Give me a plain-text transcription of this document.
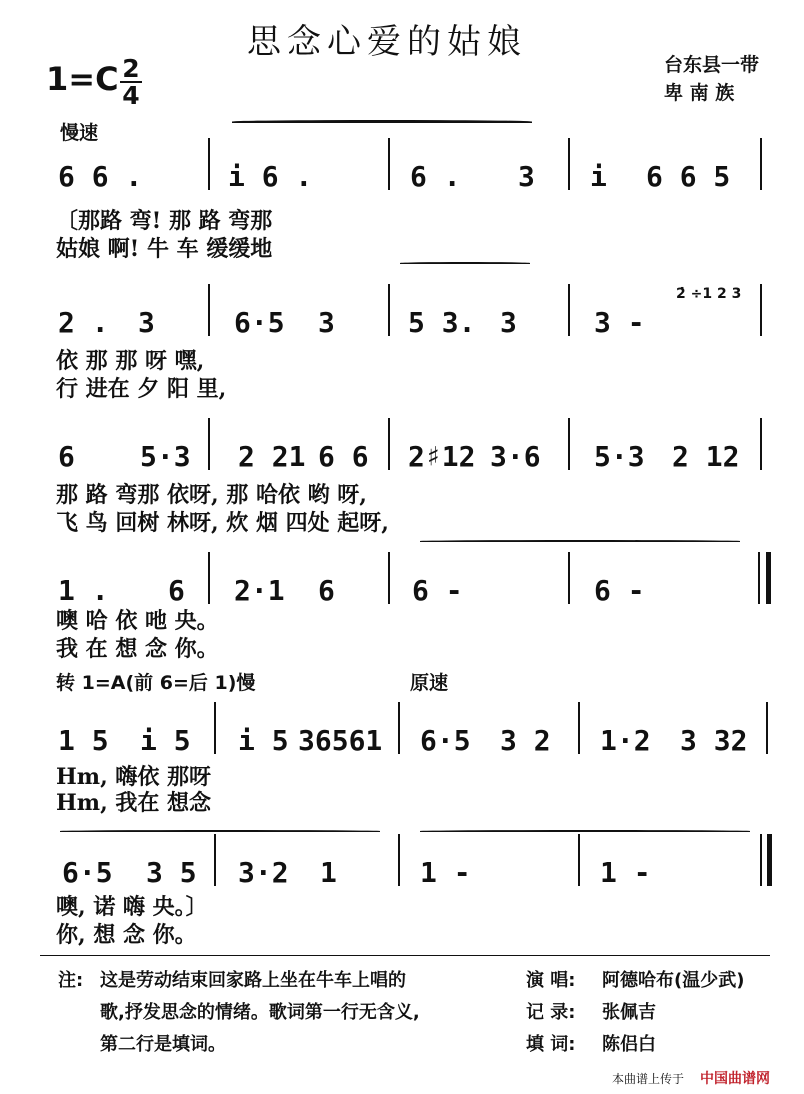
思念心爱的姑娘
1=C 2
4
台东县一带
卑 南 族
慢速
6 6 .	i 6 .	6 . 3 i 6 6 5
〔那路 弯! 那 路 弯那
姑娘 啊! 牛 车 缓缓地
2 . 3	6·5 3	5 3. 3	3 -
2̇ ÷1 2 3
依 那 那 呀 嘿,
行 进在 夕 阳 里,
6 5·3 2 21 6 6 2♯12 3·6 5·3 2 12
那 路 弯那 依呀, 那 哈依 哟 呀,
飞 鸟 回树 林呀, 炊 烟 四处 起呀,
1 . 6 2·1 6	6 -	6 -
噢 哈 依 吔 央。
我 在 想 念 你。
转 1=A(前 6=后 1)慢	原速
1 5 i 5 i 5 36561 6·5 3 2 1·2 3 32
Hm, 嗨依 那呀
Hm, 我在 想念
6·5 3 5 3·2 1	1 -	1 -
噢, 诺 嗨 央。〕
你, 想 念 你。
注: 这是劳动结束回家路上坐在牛车上唱的
歌,抒发思念的情绪。歌词第一行无含义,
第二行是填词。
演 唱: 阿德哈布(温少武)
记 录: 张佩吉
填 词: 陈侣白
本曲谱上传于 中国曲谱网
